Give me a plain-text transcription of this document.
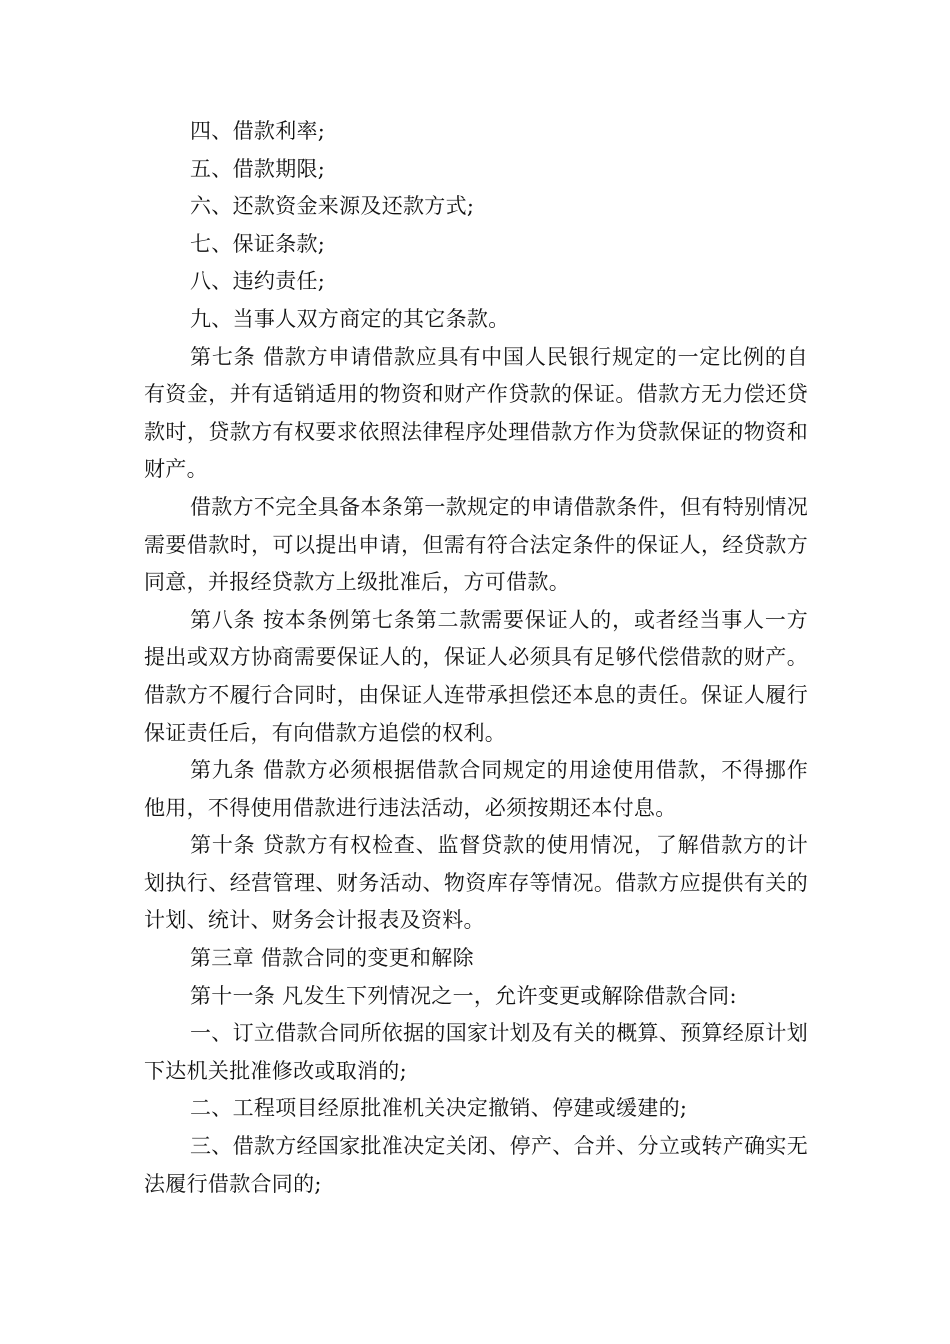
四、借款利率;

五、借款期限;

六、还款资金来源及还款方式;

七、保证条款;

八、违约责任;

九、当事人双方商定的其它条款。

第七条 借款方申请借款应具有中国人民银行规定的一定比例的自有资金，并有适销适用的物资和财产作贷款的保证。借款方无力偿还贷款时，贷款方有权要求依照法律程序处理借款方作为贷款保证的物资和财产。

借款方不完全具备本条第一款规定的申请借款条件，但有特别情况需要借款时，可以提出申请，但需有符合法定条件的保证人，经贷款方同意，并报经贷款方上级批准后，方可借款。

第八条 按本条例第七条第二款需要保证人的，或者经当事人一方提出或双方协商需要保证人的，保证人必须具有足够代偿借款的财产。借款方不履行合同时，由保证人连带承担偿还本息的责任。保证人履行保证责任后，有向借款方追偿的权利。

第九条 借款方必须根据借款合同规定的用途使用借款，不得挪作他用，不得使用借款进行违法活动，必须按期还本付息。

第十条 贷款方有权检查、监督贷款的使用情况，了解借款方的计划执行、经营管理、财务活动、物资库存等情况。借款方应提供有关的计划、统计、财务会计报表及资料。

第三章 借款合同的变更和解除

第十一条 凡发生下列情况之一，允许变更或解除借款合同:

一、订立借款合同所依据的国家计划及有关的概算、预算经原计划下达机关批准修改或取消的;

二、工程项目经原批准机关决定撤销、停建或缓建的;

三、借款方经国家批准决定关闭、停产、合并、分立或转产确实无法履行借款合同的;
